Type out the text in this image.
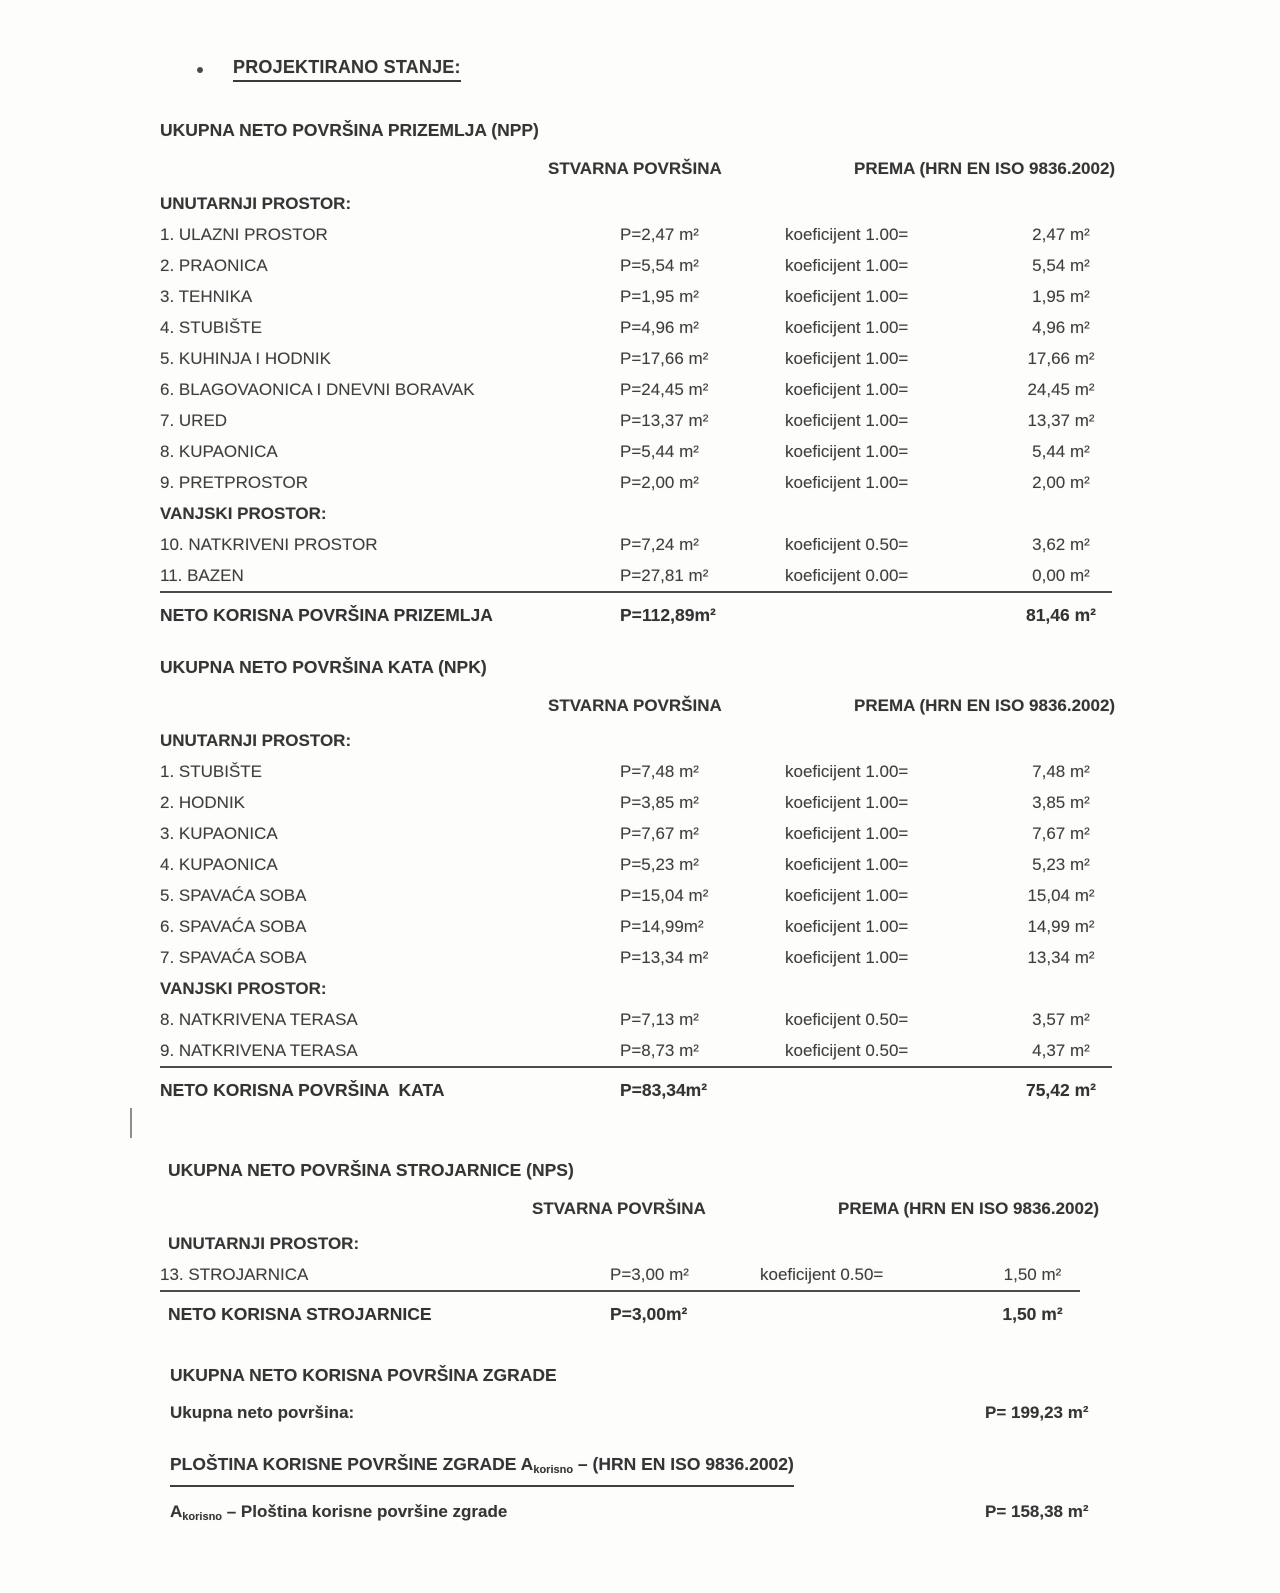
PROJEKTIRANO STANJE:
UKUPNA NETO POVRŠINA PRIZEMLJA (NPP)
STVARNA POVRŠINA	PREMA (HRN EN ISO 9836.2002)
UNUTARNJI PROSTOR:
1. ULAZNI PROSTOR	P=2,47 m²	koeficijent 1.00=	2,47 m²
2. PRAONICA	P=5,54 m²	koeficijent 1.00=	5,54 m²
3. TEHNIKA	P=1,95 m²	koeficijent 1.00=	1,95 m²
4. STUBIŠTE	P=4,96 m²	koeficijent 1.00=	4,96 m²
5. KUHINJA I HODNIK	P=17,66 m²	koeficijent 1.00=	17,66 m²
6. BLAGOVAONICA I DNEVNI BORAVAK	P=24,45 m²	koeficijent 1.00=	24,45 m²
7. URED	P=13,37 m²	koeficijent 1.00=	13,37 m²
8. KUPAONICA	P=5,44 m²	koeficijent 1.00=	5,44 m²
9. PRETPROSTOR	P=2,00 m²	koeficijent 1.00=	2,00 m²
VANJSKI PROSTOR:
10. NATKRIVENI PROSTOR	P=7,24 m²	koeficijent 0.50=	3,62 m²
11. BAZEN	P=27,81 m²	koeficijent 0.00=	0,00 m²
NETO KORISNA POVRŠINA PRIZEMLJA	P=112,89m²	81,46 m²
UKUPNA NETO POVRŠINA KATA (NPK)
STVARNA POVRŠINA	PREMA (HRN EN ISO 9836.2002)
UNUTARNJI PROSTOR:
1. STUBIŠTE	P=7,48 m²	koeficijent 1.00=	7,48 m²
2. HODNIK	P=3,85 m²	koeficijent 1.00=	3,85 m²
3. KUPAONICA	P=7,67 m²	koeficijent 1.00=	7,67 m²
4. KUPAONICA	P=5,23 m²	koeficijent 1.00=	5,23 m²
5. SPAVAĆA SOBA	P=15,04 m²	koeficijent 1.00=	15,04 m²
6. SPAVAĆA SOBA	P=14,99m²	koeficijent 1.00=	14,99 m²
7. SPAVAĆA SOBA	P=13,34 m²	koeficijent 1.00=	13,34 m²
VANJSKI PROSTOR:
8. NATKRIVENA TERASA	P=7,13 m²	koeficijent 0.50=	3,57 m²
9. NATKRIVENA TERASA	P=8,73 m²	koeficijent 0.50=	4,37 m²
NETO KORISNA POVRŠINA  KATA	P=83,34m²	75,42 m²
UKUPNA NETO POVRŠINA STROJARNICE (NPS)
STVARNA POVRŠINA	PREMA (HRN EN ISO 9836.2002)
UNUTARNJI PROSTOR:
13. STROJARNICA	P=3,00 m²	koeficijent 0.50=	1,50 m²
NETO KORISNA STROJARNICE	P=3,00m²	1,50 m²
UKUPNA NETO KORISNA POVRŠINA ZGRADE
Ukupna neto površina:	P= 199,23 m²
PLOŠTINA KORISNE POVRŠINE ZGRADE $A_{korisno} - (HRN$ EN ISO 9836.2002)
$A_{korisno}$ – Ploština korisne površine zgrade	P= 158,38 m²
